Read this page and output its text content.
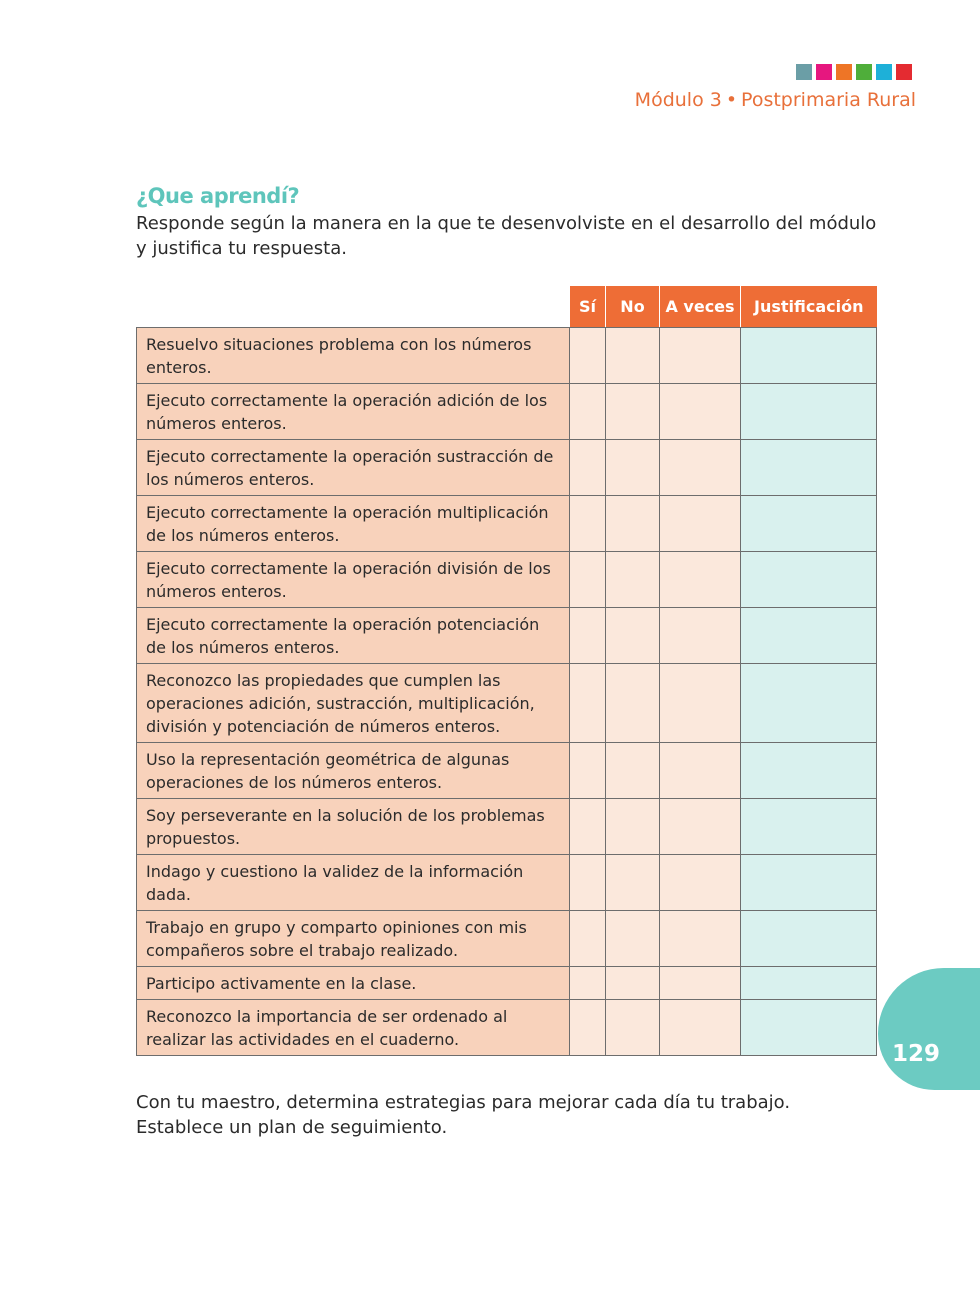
Módulo 3 • Postprimaria Rural
¿Que aprendí?
Responde según la manera en la que te desenvolviste en el desarrollo del módulo y justifica tu respuesta.
	Sí	No	A veces	Justificación

Resuelvo situaciones problema con los números enteros.				
Ejecuto correctamente la operación adición de los números enteros.				
Ejecuto correctamente la operación sustracción de los números enteros.				
Ejecuto correctamente la operación multiplicación de los números enteros.				
Ejecuto correctamente la operación división de los números enteros.				
Ejecuto correctamente la operación potenciación de los números enteros.				
Reconozco las propiedades que cumplen las operaciones adición, sustracción, multiplicación, división y potenciación de números enteros.				
Uso la representación geométrica de algunas operaciones de los números enteros.				
Soy perseverante en la solución de los problemas propuestos.				
Indago y cuestiono la validez de la información dada.				
Trabajo en grupo y comparto opiniones con mis compañeros sobre el trabajo realizado.				
Participo activamente en la clase.				
Reconozco la importancia de ser ordenado al realizar las actividades en el cuaderno.				
Con tu maestro, determina estrategias para mejorar cada día tu trabajo. Establece un plan de seguimiento.
129
